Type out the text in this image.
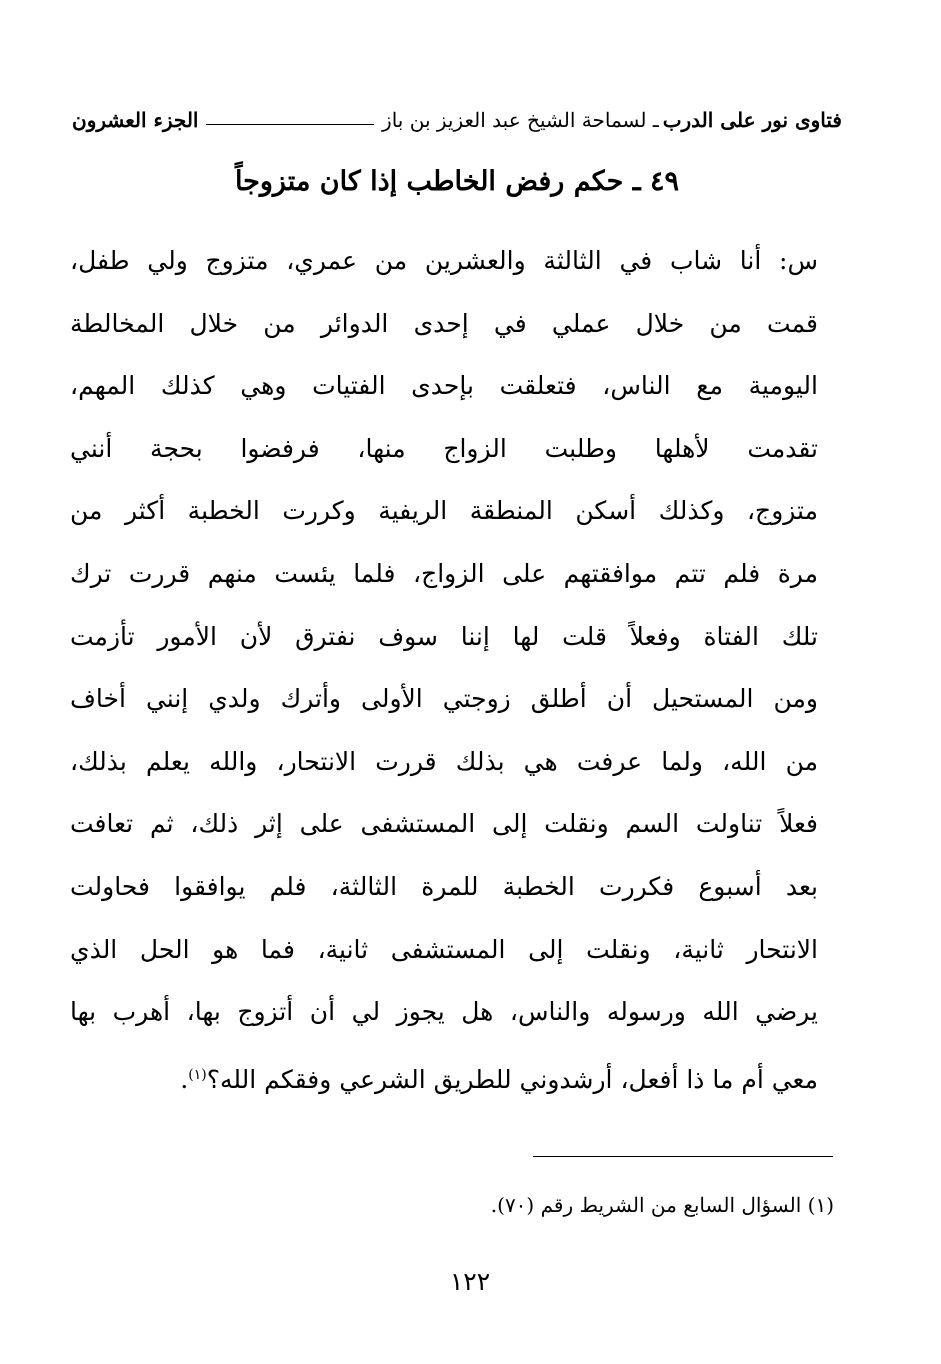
فتاوى نور على الدرب
ـ لسماحة الشيخ عبد العزيز بن باز
الجزء العشرون
٤٩ ـ حكم رفض الخاطب إذا كان متزوجاً
س: أنا شاب في الثالثة والعشرين من عمري، متزوج ولي طفل،
قمت من خلال عملي في إحدى الدوائر من خلال المخالطة
اليومية مع الناس، فتعلقت بإحدى الفتيات وهي كذلك المهم،
تقدمت لأهلها وطلبت الزواج منها، فرفضوا بحجة أنني
متزوج، وكذلك أسكن المنطقة الريفية وكررت الخطبة أكثر من
مرة فلم تتم موافقتهم على الزواج، فلما يئست منهم قررت ترك
تلك الفتاة وفعلاً قلت لها إننا سوف نفترق لأن الأمور تأزمت
ومن المستحيل أن أطلق زوجتي الأولى وأترك ولدي إنني أخاف
من الله، ولما عرفت هي بذلك قررت الانتحار، والله يعلم بذلك،
فعلاً تناولت السم ونقلت إلى المستشفى على إثر ذلك، ثم تعافت
بعد أسبوع فكررت الخطبة للمرة الثالثة، فلم يوافقوا فحاولت
الانتحار ثانية، ونقلت إلى المستشفى ثانية، فما هو الحل الذي
يرضي الله ورسوله والناس، هل يجوز لي أن أتزوج بها، أهرب بها
معي أم ما ذا أفعل، أرشدوني للطريق الشرعي وفقكم الله؟$^{(١)}$.
(١) السؤال السابع من الشريط رقم (٧٠).
١٢٢
